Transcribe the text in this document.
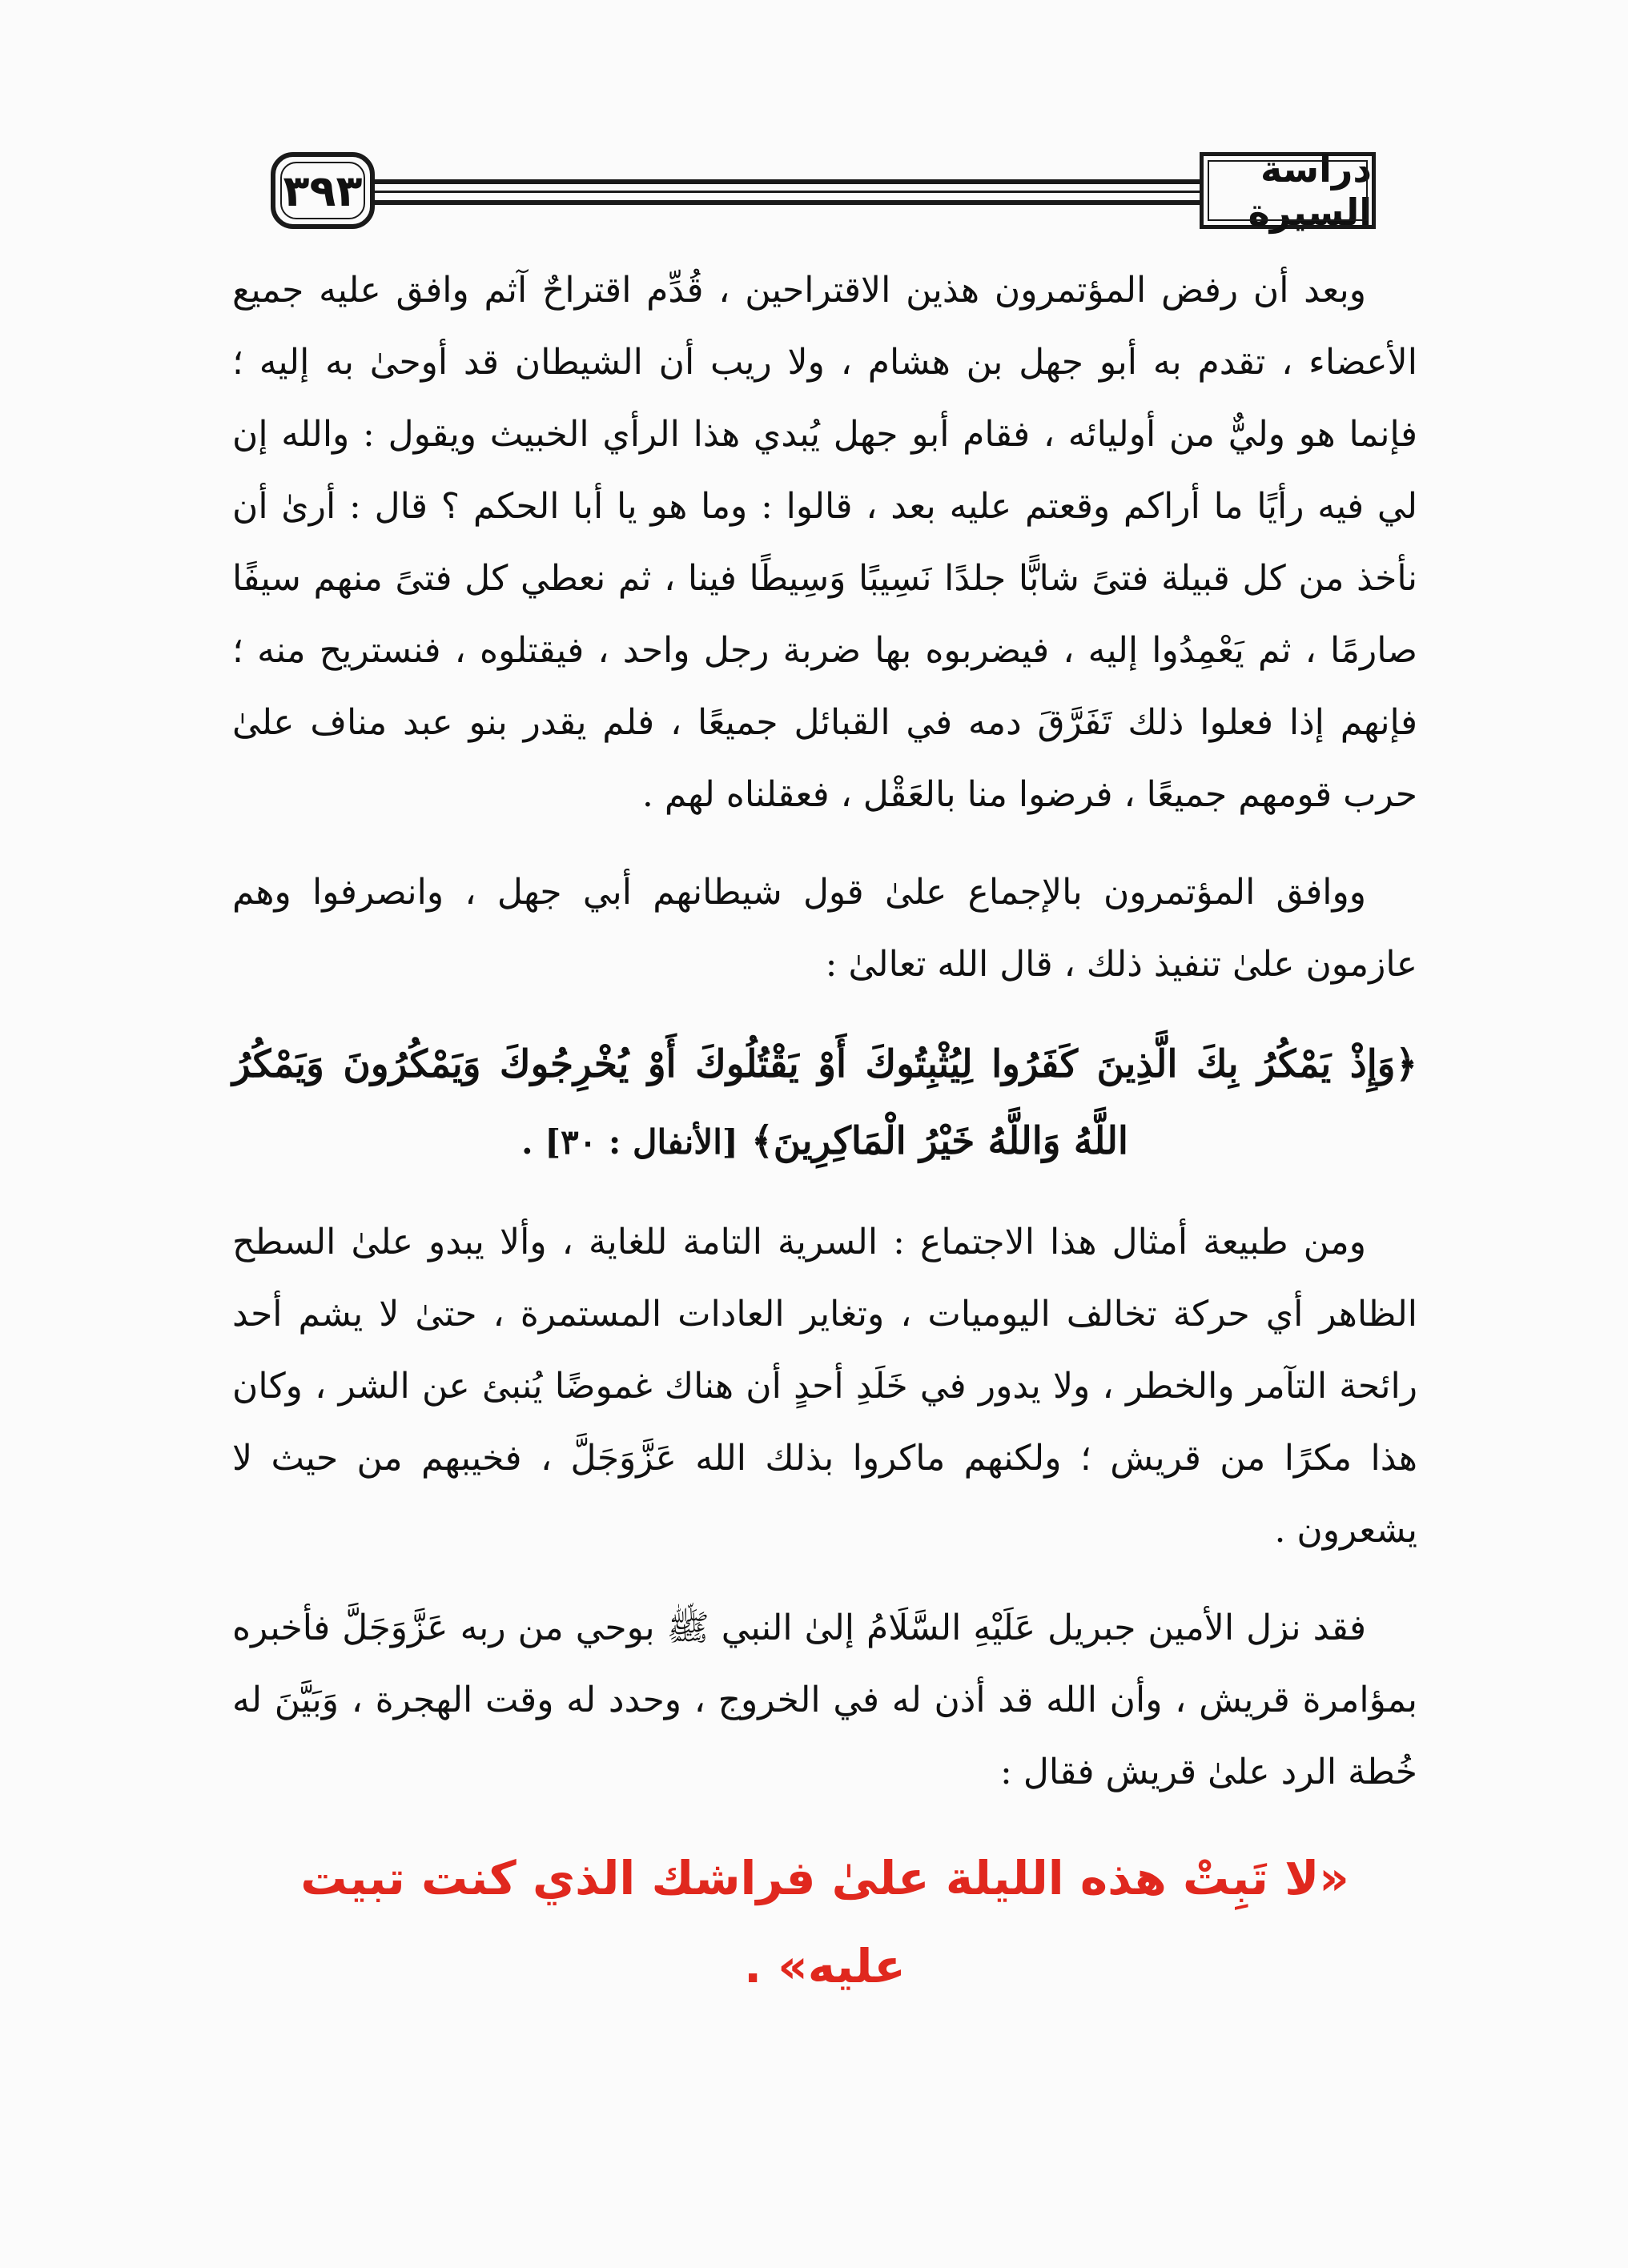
٣٩٣	دراسة السيرة

وبعد أن رفض المؤتمرون هذين الاقتراحين ، قُدِّم اقتراحٌ آثم وافق عليه جميع الأعضاء ، تقدم به أبو جهل بن هشام ، ولا ريب أن الشيطان قد أوحىٰ به إليه ؛ فإنما هو وليٌّ من أوليائه ، فقام أبو جهل يُبدي هذا الرأي الخبيث ويقول : والله إن لي فيه رأيًا ما أراكم وقعتم عليه بعد ، قالوا : وما هو يا أبا الحكم ؟ قال : أرىٰ أن نأخذ من كل قبيلة فتىً شابًّا جلدًا نَسِيبًا وَسِيطًا فينا ، ثم نعطي كل فتىً منهم سيفًا صارمًا ، ثم يَعْمِدُوا إليه ، فيضربوه بها ضربة رجل واحد ، فيقتلوه ، فنستريح منه ؛ فإنهم إذا فعلوا ذلك تَفَرَّقَ دمه في القبائل جميعًا ، فلم يقدر بنو عبد مناف علىٰ حرب قومهم جميعًا ، فرضوا منا بالعَقْل ، فعقلناه لهم .

ووافق المؤتمرون بالإجماع علىٰ قول شيطانهم أبي جهل ، وانصرفوا وهم عازمون علىٰ تنفيذ ذلك ، قال الله تعالىٰ :

﴿وَإِذْ يَمْكُرُ بِكَ الَّذِينَ كَفَرُوا لِيُثْبِتُوكَ أَوْ يَقْتُلُوكَ أَوْ يُخْرِجُوكَ وَيَمْكُرُونَ وَيَمْكُرُ اللَّهُ وَاللَّهُ خَيْرُ الْمَاكِرِينَ﴾ [الأنفال : ٣٠] .

ومن طبيعة أمثال هذا الاجتماع : السرية التامة للغاية ، وألا يبدو علىٰ السطح الظاهر أي حركة تخالف اليوميات ، وتغاير العادات المستمرة ، حتىٰ لا يشم أحد رائحة التآمر والخطر ، ولا يدور في خَلَدِ أحدٍ أن هناك غموضًا يُنبئ عن الشر ، وكان هذا مكرًا من قريش ؛ ولكنهم ماكروا بذلك الله عَزَّوَجَلَّ ، فخيبهم من حيث لا يشعرون .

فقد نزل الأمين جبريل عَلَيْهِ السَّلَامُ إلىٰ النبي ﷺ بوحي من ربه عَزَّوَجَلَّ فأخبره بمؤامرة قريش ، وأن الله قد أذن له في الخروج ، وحدد له وقت الهجرة ، وَبَيَّنَ له خُطة الرد علىٰ قريش فقال :

«لا تَبِتْ هذه الليلة علىٰ فراشك الذي كنت تبيت عليه» .
